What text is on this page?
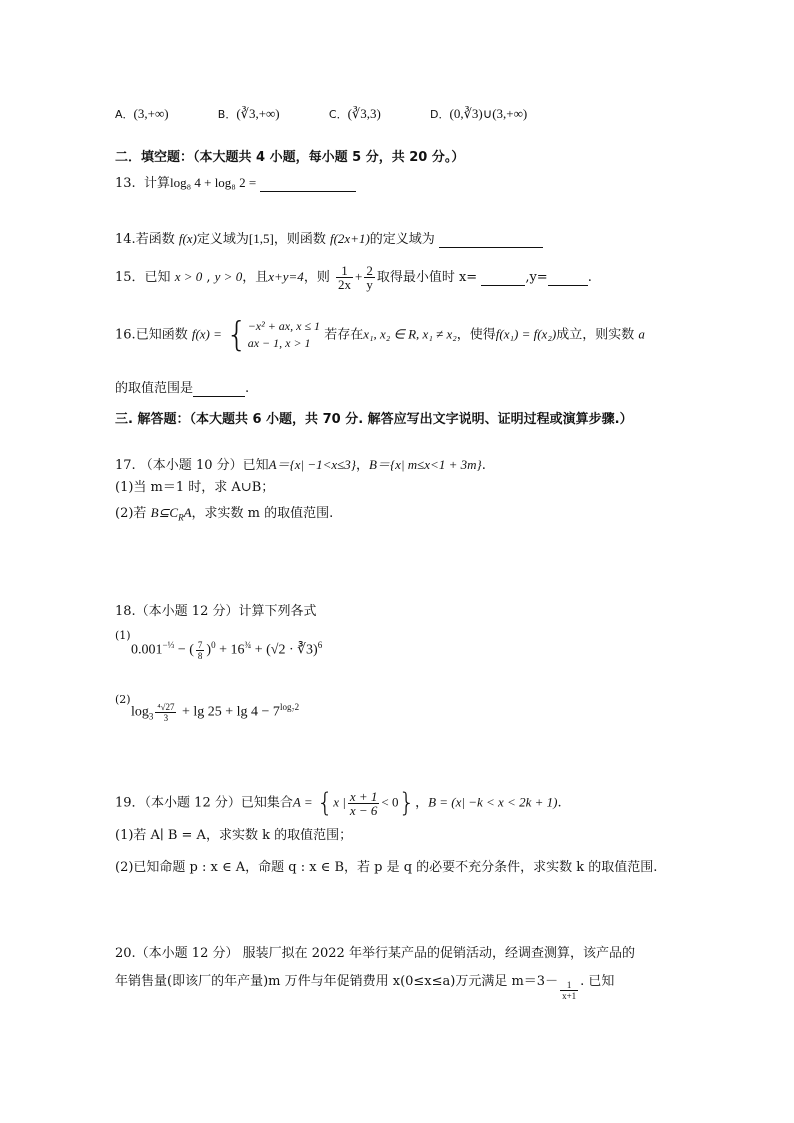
A．(3,+∞)	B．(∛3,+∞)	C．(∛3,3)	D．(0,∛3)∪(3,+∞)
二．填空题：（本大题共 4 小题，每小题 5 分，共 20 分。）
13. 计算log₈ 4 + log₈ 2 =
14.若函数 f(x)定义域为[1,5]，则函数 f(2x+1)的定义域为
15．已知 x > 0 , y > 0，且x+y=4，则 $\frac{1}{2x} + \frac{2}{y}$ 取得最小值时 x=	,y=	.
16.已知函数 f(x) = { −x² + ax, x ≤ 1
ax − 1, x > 1
若存在x₁, x₂ ∈ R, x₁ ≠ x₂，使得f(x₁) = f(x₂)成立，则实数 a
的取值范围是	.
三. 解答题：（本大题共 6 小题，共 70 分. 解答应写出文字说明、证明过程或演算步骤.）
17. （本小题 10 分）已知A＝{x| −1<x≤3}，B＝{x| m≤x<1 + 3m}.
(1)当 m＝1 时，求 A∪B；
(2)若 $B⊆C_RA$，求实数 m 的取值范围.
18.（本小题 12 分）计算下列各式
(1)
$0.001^{-\frac{1}{3}}$ − ( $\frac{7}{8} )^0 + 16^{\frac{3}{4}} + (√2$ · ∛3)$^6$
(2)
$\log_3 \frac{\text{⁴√27}}{3} + \lg 25 + \lg 4 - 7^{log_72}$
19．（本小题 12 分）已知集合A = {x | $\frac{x + 1}{x - 6} < 0$}，B = (x| −k < x < 2k + 1).
(1)若 A∣ B = A，求实数 k 的取值范围；
(2)已知命题 p : x ∈ A，命题 q : x ∈ B，若 p 是 q 的必要不充分条件，求实数 k 的取值范围.
20.（本小题 12 分） 服装厂拟在 2022 年举行某产品的促销活动，经调查测算，该产品的
年销售量(即该厂的年产量)m 万件与年促销费用 x(0≤x≤a)万元满足 $m=3- \frac{1}{x+1}$ . 已知
